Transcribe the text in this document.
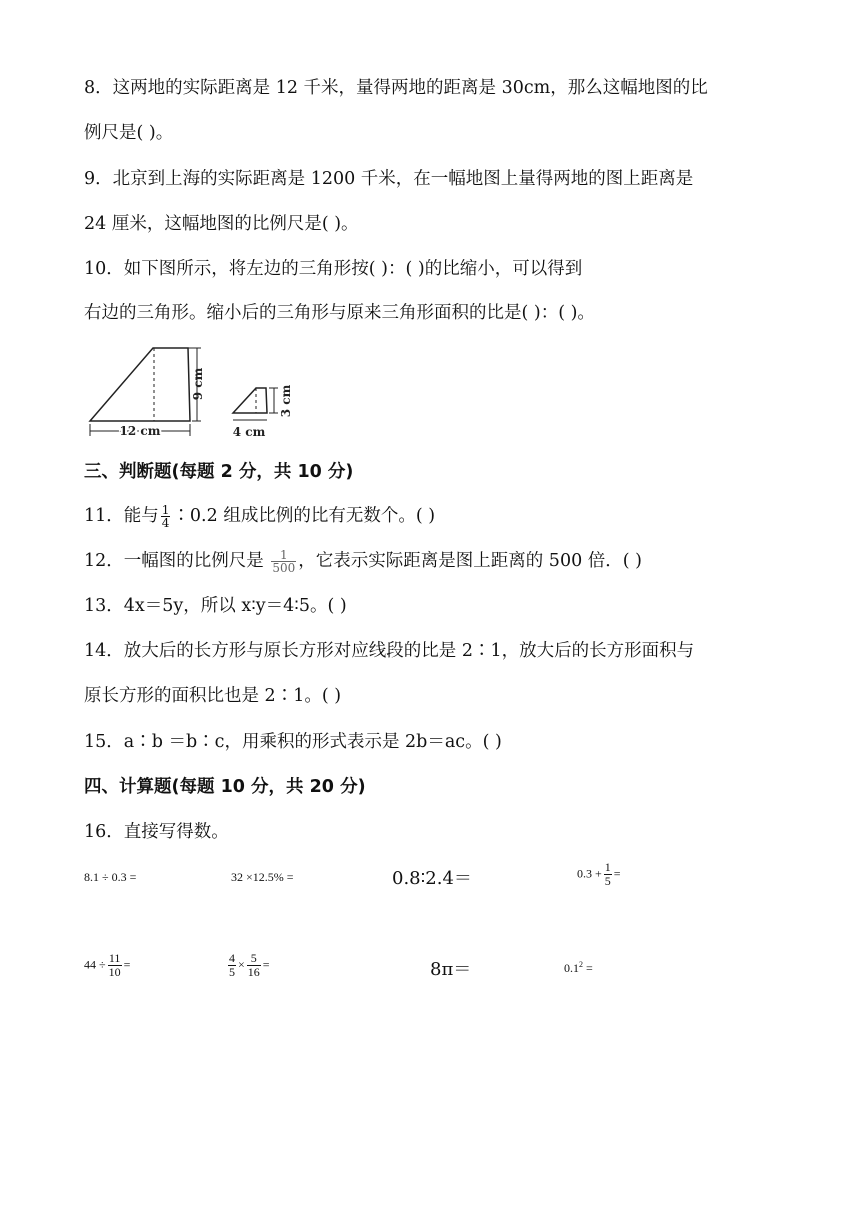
8．这两地的实际距离是 12 千米，量得两地的距离是 30cm，那么这幅地图的比
例尺是( )。
9．北京到上海的实际距离是 1200 千米，在一幅地图上量得两地的图上距离是
24 厘米，这幅地图的比例尺是( )。
10．如下图所示，将左边的三角形按( )：( )的比缩小，可以得到
右边的三角形。缩小后的三角形与原来三角形面积的比是( )：( )。
9 cm
12 cm
3 cm
4 cm
三、判断题(每题 2 分，共 10 分)
11．能与 $\frac{1}{4}$ ∶0.2 组成比例的比有无数个。( )
12．一幅图的比例尺是 $\frac{1}{500}$ ，它表示实际距离是图上距离的 500 倍．( )
13．4x＝5y，所以 x∶y＝4∶5。( )
14．放大后的长方形与原长方形对应线段的比是 2∶1，放大后的长方形面积与
原长方形的面积比也是 2∶1。( )
15．a∶b ＝b∶c，用乘积的形式表示是 2b＝ac。( )
四、计算题(每题 10 分，共 20 分)
16．直接写得数。
8.1 ÷ 0.3 =	32 ×12.5% =	0.8∶2.4＝	$0.3 + \frac{1}{5}$ =
$44 \div \frac{11}{10}$ =	$\frac{4}{5} \times \frac{5}{16}$ =	8π＝	$0.1^2$ =
